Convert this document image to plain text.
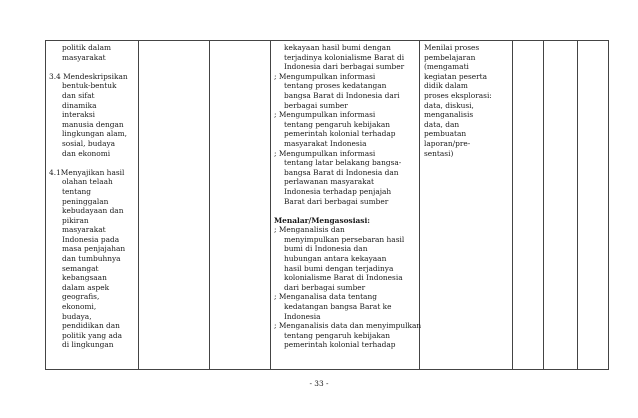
politik dalam
masyarakat
3.4 Mendeskripsikan
bentuk-bentuk
dan sifat
dinamika
interaksi
manusia dengan
lingkungan alam,
sosial, budaya
dan ekonomi
4.1Menyajikan hasil
olahan telaah
tentang
peninggalan
kebudayaan dan
pikiran
masyarakat
Indonesia pada
masa penjajahan
dan tumbuhnya
semangat
kebangsaan
dalam aspek
geografis,
ekonomi,
budaya,
pendidikan dan
politik yang ada
di lingkungan

kekayaan hasil bumi dengan
terjadinya kolonialisme Barat di
Indonesia dari berbagai sumber
; Mengumpulkan informasi
tentang proses kedatangan
bangsa Barat di Indonesia dari
berbagai sumber
; Mengumpulkan informasi
tentang pengaruh kebijakan
pemerintah kolonial terhadap
masyarakat Indonesia
; Mengumpulkan informasi
tentang latar belakang bangsa-
bangsa Barat di Indonesia dan
perlawanan masyarakat
Indonesia terhadap penjajah
Barat dari berbagai sumber
Menalar/Mengasosiasi:
; Menganalisis dan
menyimpulkan persebaran hasil
bumi di Indonesia dan
hubungan antara kekayaan
hasil bumi dengan terjadinya
kolonialisme Barat di Indonesia
dari berbagai sumber
; Menganalisa data tentang
kedatangan bangsa Barat ke
Indonesia
; Menganalisis data dan menyimpulkan
tentang pengaruh kebijakan
pemerintah kolonial terhadap

Menilai proses
pembelajaran
(mengamati
kegiatan peserta
didik dalam
proses eksplorasi:
data, diskusi,
menganalisis
data, dan
pembuatan
laporan/pre-
sentasi)

- 33 -
